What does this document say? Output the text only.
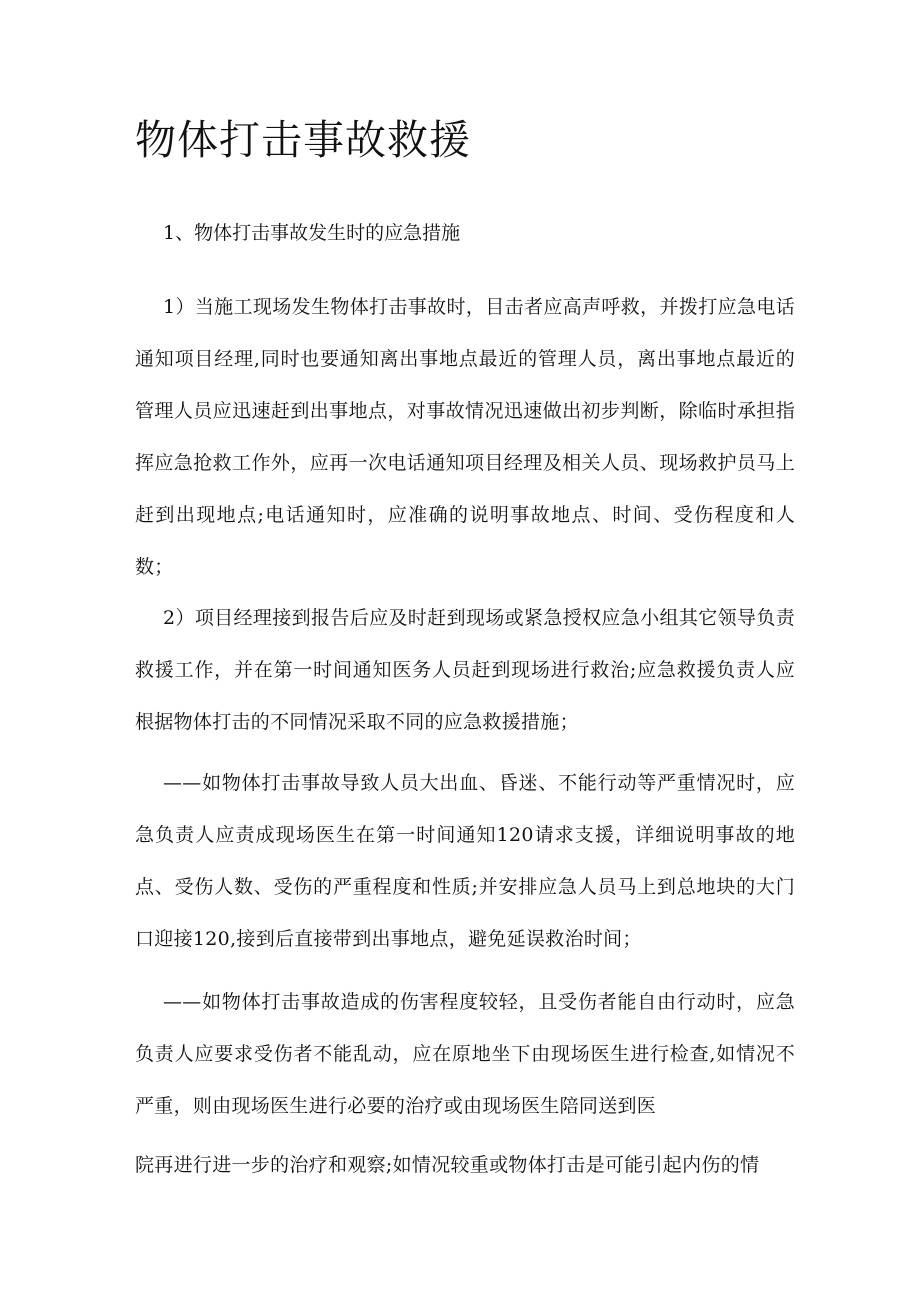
物体打击事故救援

1、物体打击事故发生时的应急措施

1）当施工现场发生物体打击事故时，目击者应高声呼救，并拨打应急电话通知项目经理,同时也要通知离出事地点最近的管理人员，离出事地点最近的管理人员应迅速赶到出事地点，对事故情况迅速做出初步判断，除临时承担指挥应急抢救工作外，应再一次电话通知项目经理及相关人员、现场救护员马上赶到出现地点;电话通知时，应准确的说明事故地点、时间、受伤程度和人数；

2）项目经理接到报告后应及时赶到现场或紧急授权应急小组其它领导负责救援工作，并在第一时间通知医务人员赶到现场进行救治;应急救援负责人应根据物体打击的不同情况采取不同的应急救援措施；

——如物体打击事故导致人员大出血、昏迷、不能行动等严重情况时，应急负责人应责成现场医生在第一时间通知120请求支援，详细说明事故的地点、受伤人数、受伤的严重程度和性质;并安排应急人员马上到总地块的大门口迎接120,接到后直接带到出事地点，避免延误救治时间；

——如物体打击事故造成的伤害程度较轻，且受伤者能自由行动时，应急负责人应要求受伤者不能乱动，应在原地坐下由现场医生进行检查,如情况不严重，则由现场医生进行必要的治疗或由现场医生陪同送到医

院再进行进一步的治疗和观察;如情况较重或物体打击是可能引起内伤的情
